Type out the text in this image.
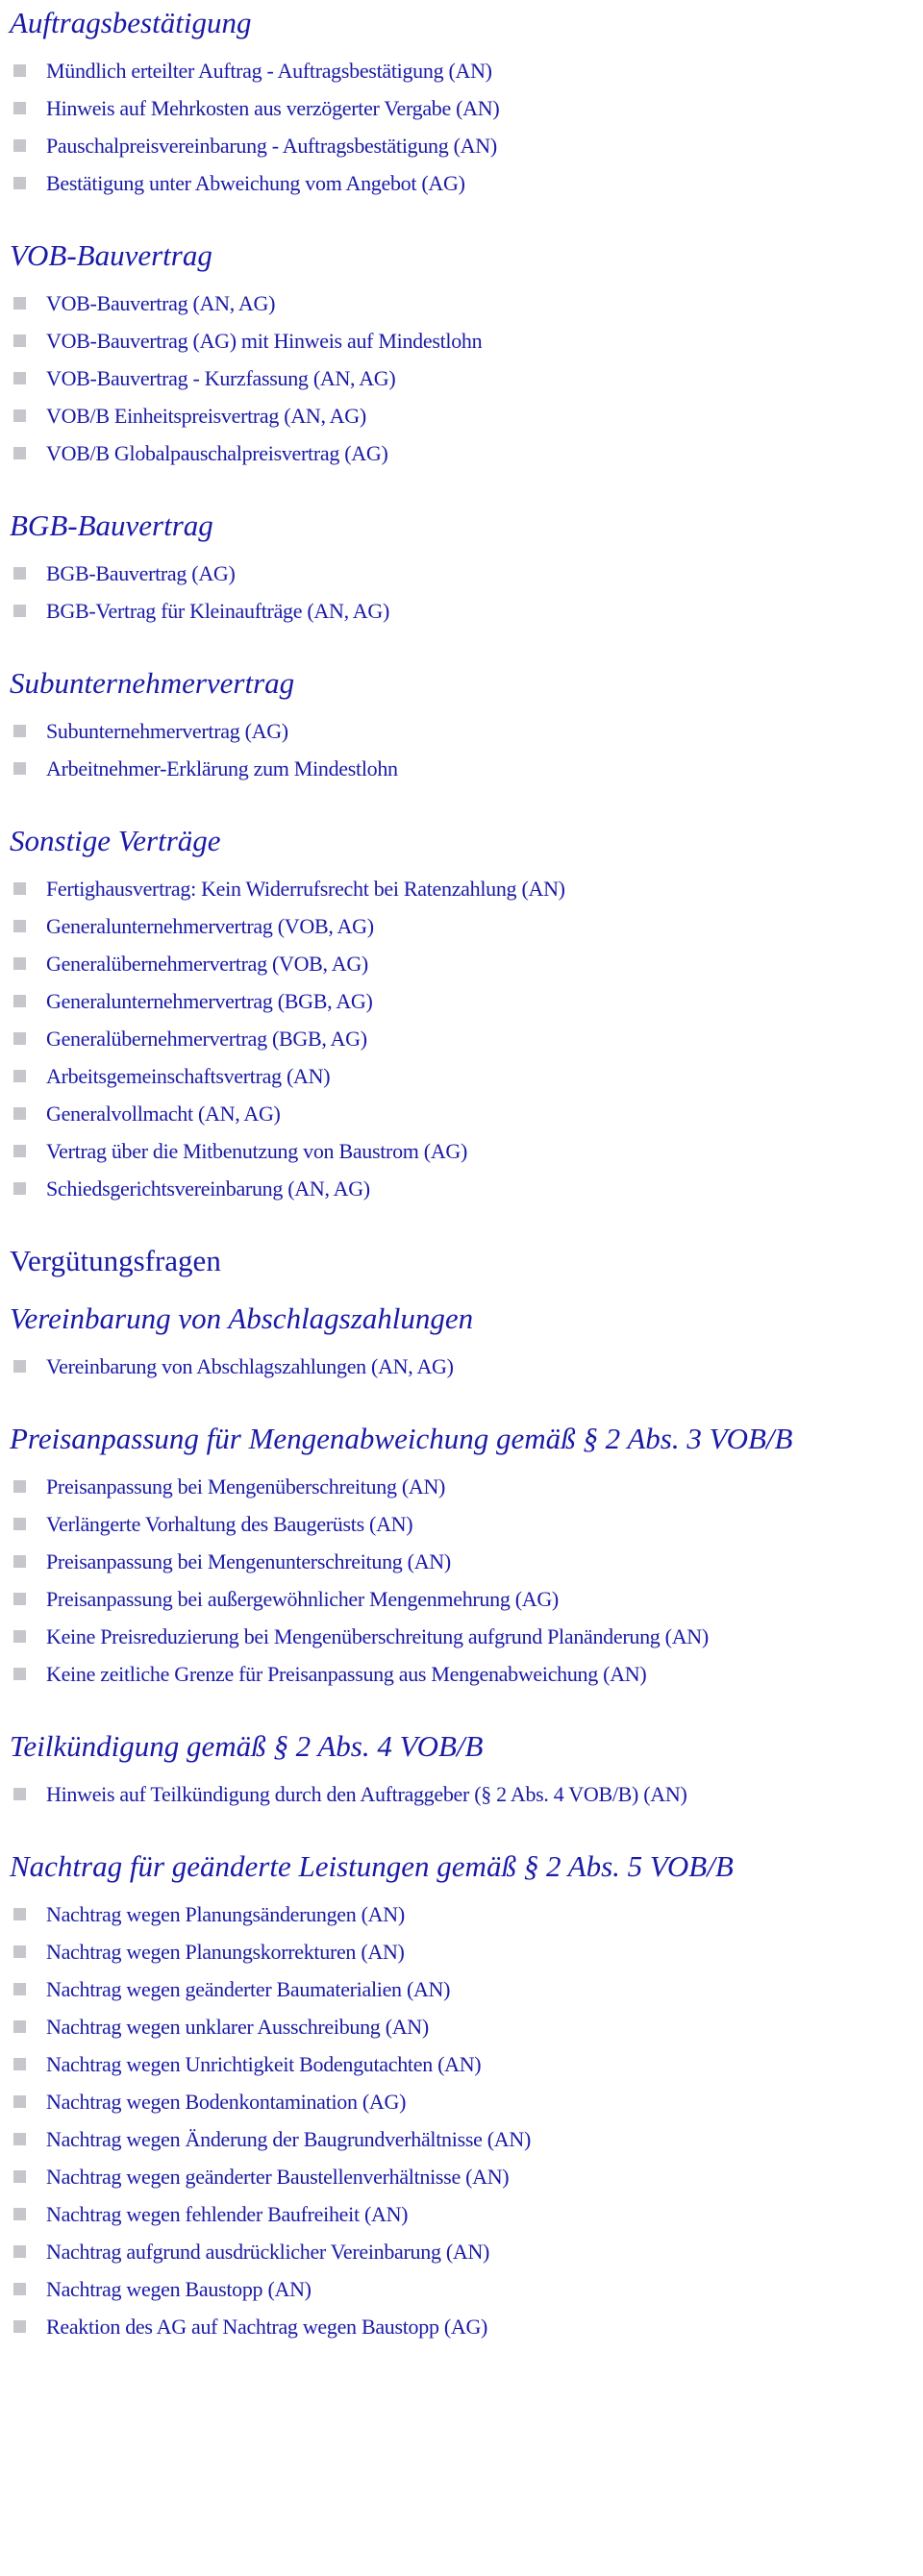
Auftragsbestätigung
Mündlich erteilter Auftrag - Auftragsbestätigung (AN)
Hinweis auf Mehrkosten aus verzögerter Vergabe (AN)
Pauschalpreisvereinbarung - Auftragsbestätigung (AN)
Bestätigung unter Abweichung vom Angebot (AG)
VOB-Bauvertrag
VOB-Bauvertrag (AN, AG)
VOB-Bauvertrag (AG) mit Hinweis auf Mindestlohn
VOB-Bauvertrag - Kurzfassung (AN, AG)
VOB/B Einheitspreisvertrag (AN, AG)
VOB/B Globalpauschalpreisvertrag (AG)
BGB-Bauvertrag
BGB-Bauvertrag (AG)
BGB-Vertrag für Kleinaufträge (AN, AG)
Subunternehmervertrag
Subunternehmervertrag (AG)
Arbeitnehmer-Erklärung zum Mindestlohn
Sonstige Verträge
Fertighausvertrag: Kein Widerrufsrecht bei Ratenzahlung (AN)
Generalunternehmervertrag (VOB, AG)
Generalübernehmervertrag (VOB, AG)
Generalunternehmervertrag (BGB, AG)
Generalübernehmervertrag (BGB, AG)
Arbeitsgemeinschaftsvertrag (AN)
Generalvollmacht (AN, AG)
Vertrag über die Mitbenutzung von Baustrom (AG)
Schiedsgerichtsvereinbarung (AN, AG)
Vergütungsfragen
Vereinbarung von Abschlagszahlungen
Vereinbarung von Abschlagszahlungen (AN, AG)
Preisanpassung für Mengenabweichung gemäß § 2 Abs. 3 VOB/B
Preisanpassung bei Mengenüberschreitung (AN)
Verlängerte Vorhaltung des Baugerüsts (AN)
Preisanpassung bei Mengenunterschreitung (AN)
Preisanpassung bei außergewöhnlicher Mengenmehrung (AG)
Keine Preisreduzierung bei Mengenüberschreitung aufgrund Planänderung (AN)
Keine zeitliche Grenze für Preisanpassung aus Mengenabweichung (AN)
Teilkündigung gemäß § 2 Abs. 4 VOB/B
Hinweis auf Teilkündigung durch den Auftraggeber (§ 2 Abs. 4 VOB/B) (AN)
Nachtrag für geänderte Leistungen gemäß § 2 Abs. 5 VOB/B
Nachtrag wegen Planungsänderungen (AN)
Nachtrag wegen Planungskorrekturen (AN)
Nachtrag wegen geänderter Baumaterialien (AN)
Nachtrag wegen unklarer Ausschreibung (AN)
Nachtrag wegen Unrichtigkeit Bodengutachten (AN)
Nachtrag wegen Bodenkontamination (AG)
Nachtrag wegen Änderung der Baugrundverhältnisse (AN)
Nachtrag wegen geänderter Baustellenverhältnisse (AN)
Nachtrag wegen fehlender Baufreiheit (AN)
Nachtrag aufgrund ausdrücklicher Vereinbarung (AN)
Nachtrag wegen Baustopp (AN)
Reaktion des AG auf Nachtrag wegen Baustopp (AG)
